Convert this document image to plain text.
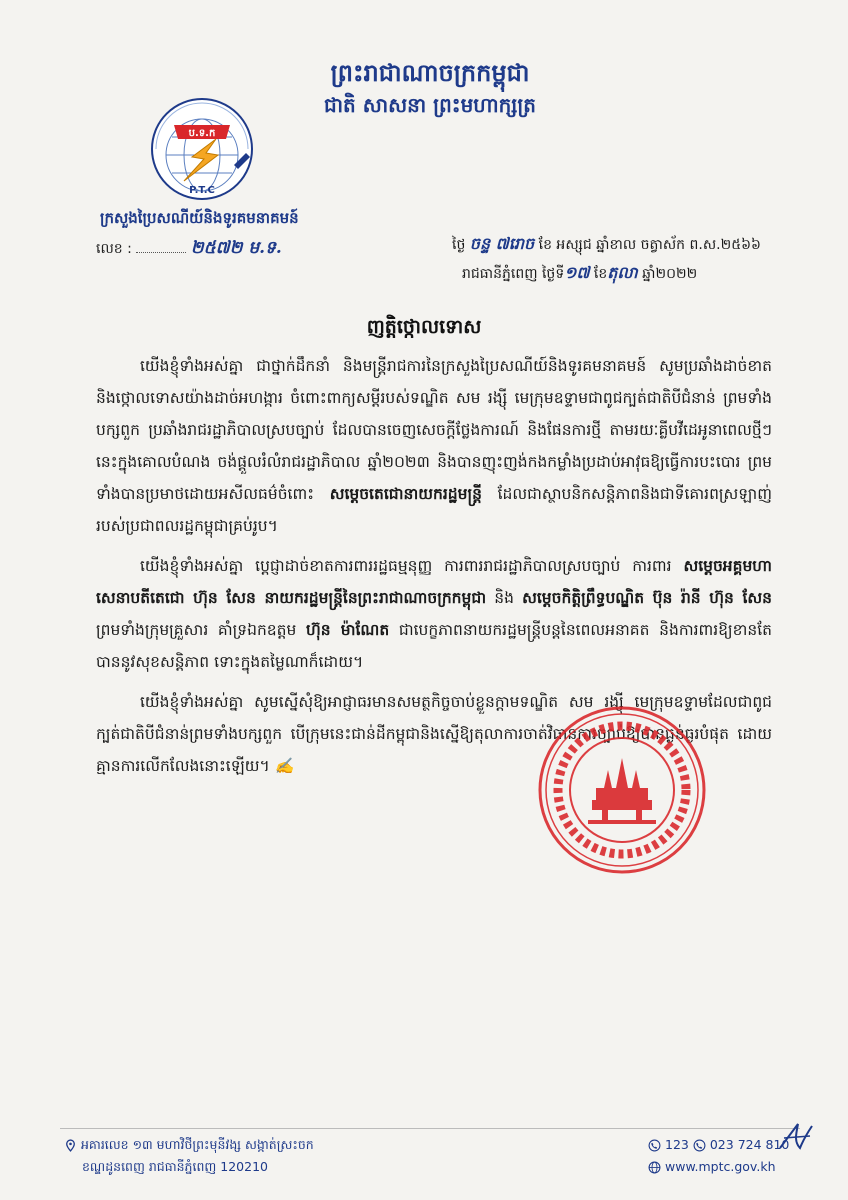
ព្រះរាជាណាចក្រកម្ពុជា
ជាតិ សាសនា ព្រះមហាក្សត្រ
ប.ទ.ក
P.T.C
ក្រសួងប្រៃសណីយ៍និងទូរគមនាគមន៍
លេខ :	២៥៧២ ម.ទ.	ថ្ងៃ ចន្ទ ៧រោច ខែ អស្សុជ ឆ្នាំខាល ចត្វាស័ក ព.ស.២៥៦៦
រាជធានីភ្នំពេញ ថ្ងៃទី១៧ ខែតុលា ឆ្នាំ២០២២
ញត្តិថ្កោលទោស

យើងខ្ញុំទាំងអស់គ្នា ជាថ្នាក់ដឹកនាំ និងមន្ត្រីរាជការនៃក្រសួងប្រៃសណីយ៍និងទូរគមនាគមន៍ សូមប្រឆាំងដាច់ខាត និងថ្កោលទោសយ៉ាងដាច់អហង្ការ ចំពោះពាក្យសម្ដីរបស់ទណ្ឌិត សម រង្ស៊ី មេក្រុមឧទ្ទាមជាពូជក្បត់ជាតិបីជំនាន់ ព្រមទាំងបក្សពួក ប្រឆាំងរាជរដ្ឋាភិបាលស្របច្បាប់ ដែលបានចេញសេចក្ដីថ្លែងការណ៍ និងផែនការថ្មី តាមរយៈគ្លីបវីដេអូនាពេលថ្មីៗនេះក្នុងគោលបំណង ចង់ផ្តួលរំលំរាជរដ្ឋាភិបាល ឆ្នាំ២០២៣ និងបានញុះញង់កងកម្លាំងប្រដាប់អាវុធឱ្យធ្វើការបះបោរ ព្រមទាំងបានប្រមាថដោយអសីលធម៌ចំពោះ សម្ដេចតេជោនាយករដ្ឋមន្ត្រី ដែលជាស្ថាបនិកសន្តិភាពនិងជាទីគោរពស្រឡាញ់របស់ប្រជាពលរដ្ឋកម្ពុជាគ្រប់រូប។

យើងខ្ញុំទាំងអស់គ្នា ប្ដេជ្ញាដាច់ខាតការពាររដ្ឋធម្មនុញ្ញ ការពាររាជរដ្ឋាភិបាលស្របច្បាប់ ការពារ សម្ដេចអគ្គមហាសេនាបតីតេជោ ហ៊ុន សែន នាយករដ្ឋមន្ត្រីនៃព្រះរាជាណាចក្រកម្ពុជា និង សម្ដេចកិត្តិព្រឹទ្ធបណ្ឌិត ប៊ុន រ៉ានី ហ៊ុន សែន ព្រមទាំងក្រុមគ្រួសារ គាំទ្រឯកឧត្តម ហ៊ុន ម៉ាណែត ជាបេក្ខភាពនាយករដ្ឋមន្ត្រីបន្តនៃពេលអនាគត និងការពារឱ្យខានតែបាននូវសុខសន្តិភាព ទោះក្នុងតម្លៃណាក៏ដោយ។

យើងខ្ញុំទាំងអស់គ្នា សូមស្នើសុំឱ្យអាជ្ញាធរមានសមត្ថកិច្ចចាប់ខ្លួនក្ដាមទណ្ឌិត សម រង្ស៊ី មេក្រុមឧទ្ទាមដែលជាពូជក្បត់ជាតិបីជំនាន់ព្រមទាំងបក្សពួក បើក្រុមនេះជាន់ដីកម្ពុជានិងស្នើឱ្យតុលាការចាត់វិធានការច្បាប់ឱ្យបានធ្ងន់ធ្ងរបំផុត ដោយគ្មានការលើកលែងនោះឡើយ។ ✍

អគារលេខ ១៣ មហាវិថីព្រះមុនីវង្ស សង្កាត់ស្រះចក
ខណ្ឌដូនពេញ រាជធានីភ្នំពេញ 120210
123 023 724 810
www.mptc.gov.kh
